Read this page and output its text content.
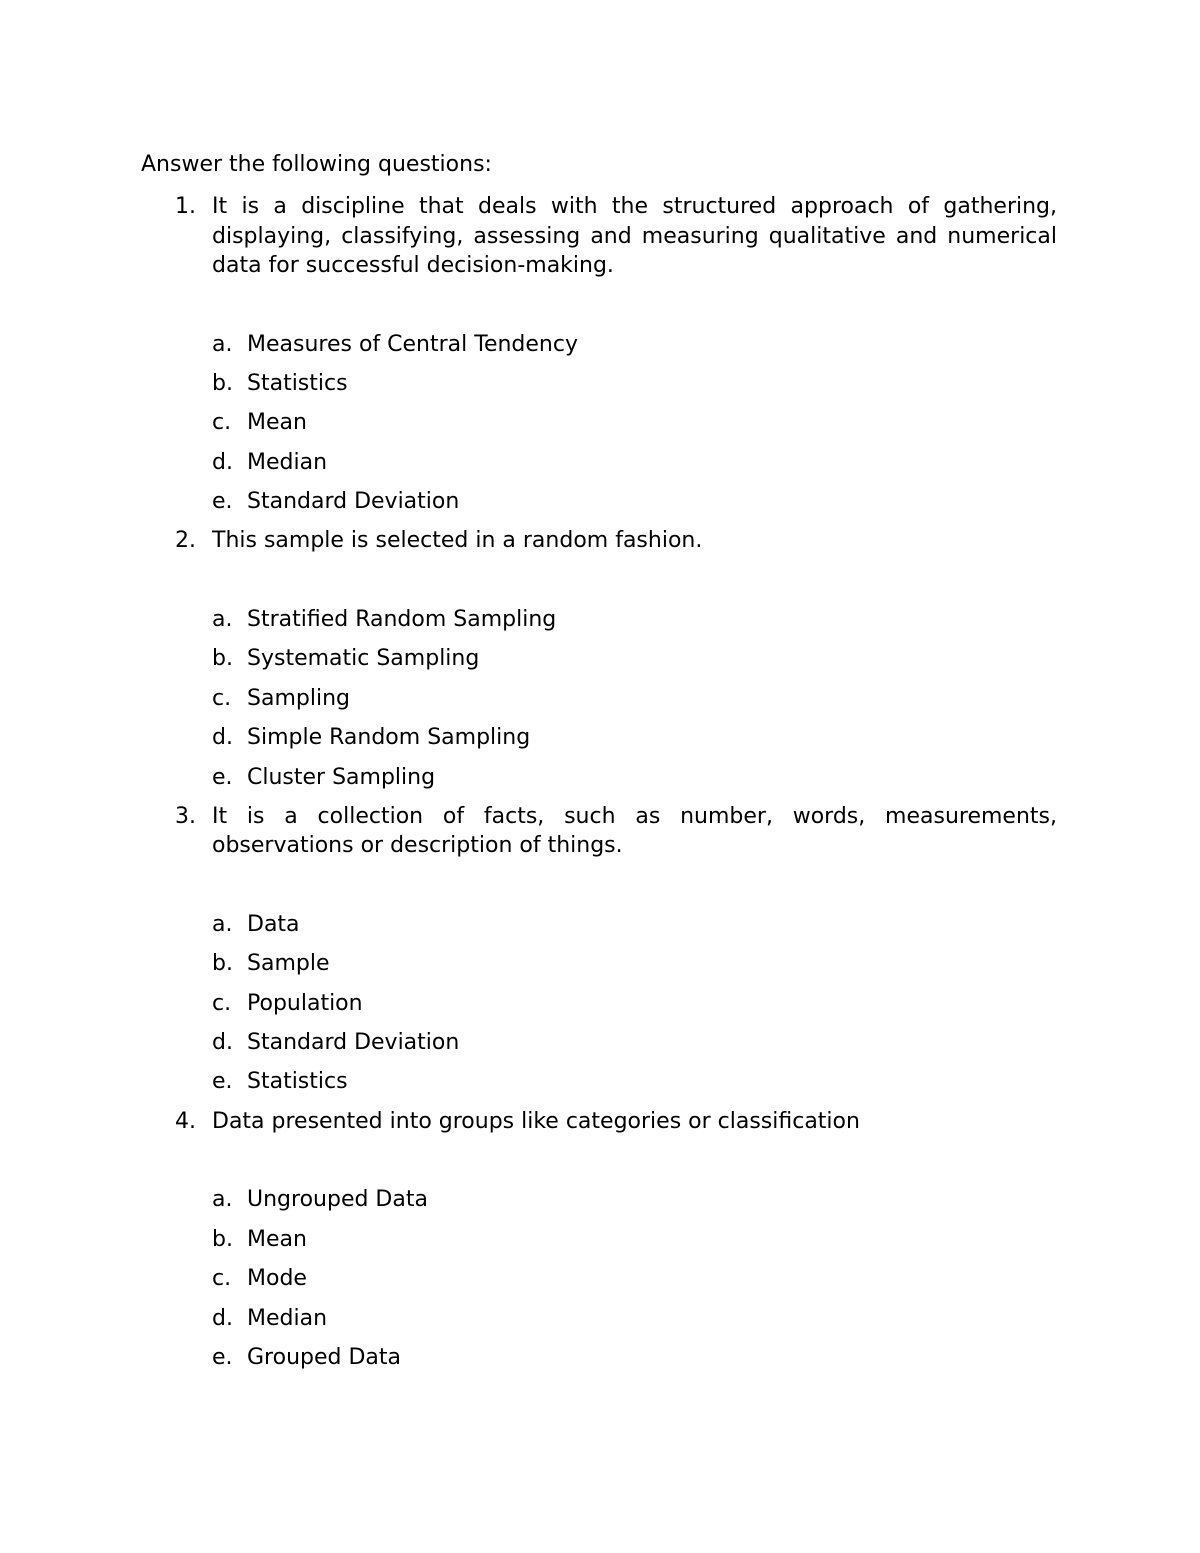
Answer the following questions:
1. It is a discipline that deals with the structured approach of gathering, displaying, classifying, assessing and measuring qualitative and numerical data for successful decision-making.
a. Measures of Central Tendency
b. Statistics
c. Mean
d. Median
e. Standard Deviation
2. This sample is selected in a random fashion.
a. Stratified Random Sampling
b. Systematic Sampling
c. Sampling
d. Simple Random Sampling
e. Cluster Sampling
3. It is a collection of facts, such as number, words, measurements, observations or description of things.
a. Data
b. Sample
c. Population
d. Standard Deviation
e. Statistics
4. Data presented into groups like categories or classification
a. Ungrouped Data
b. Mean
c. Mode
d. Median
e. Grouped Data
